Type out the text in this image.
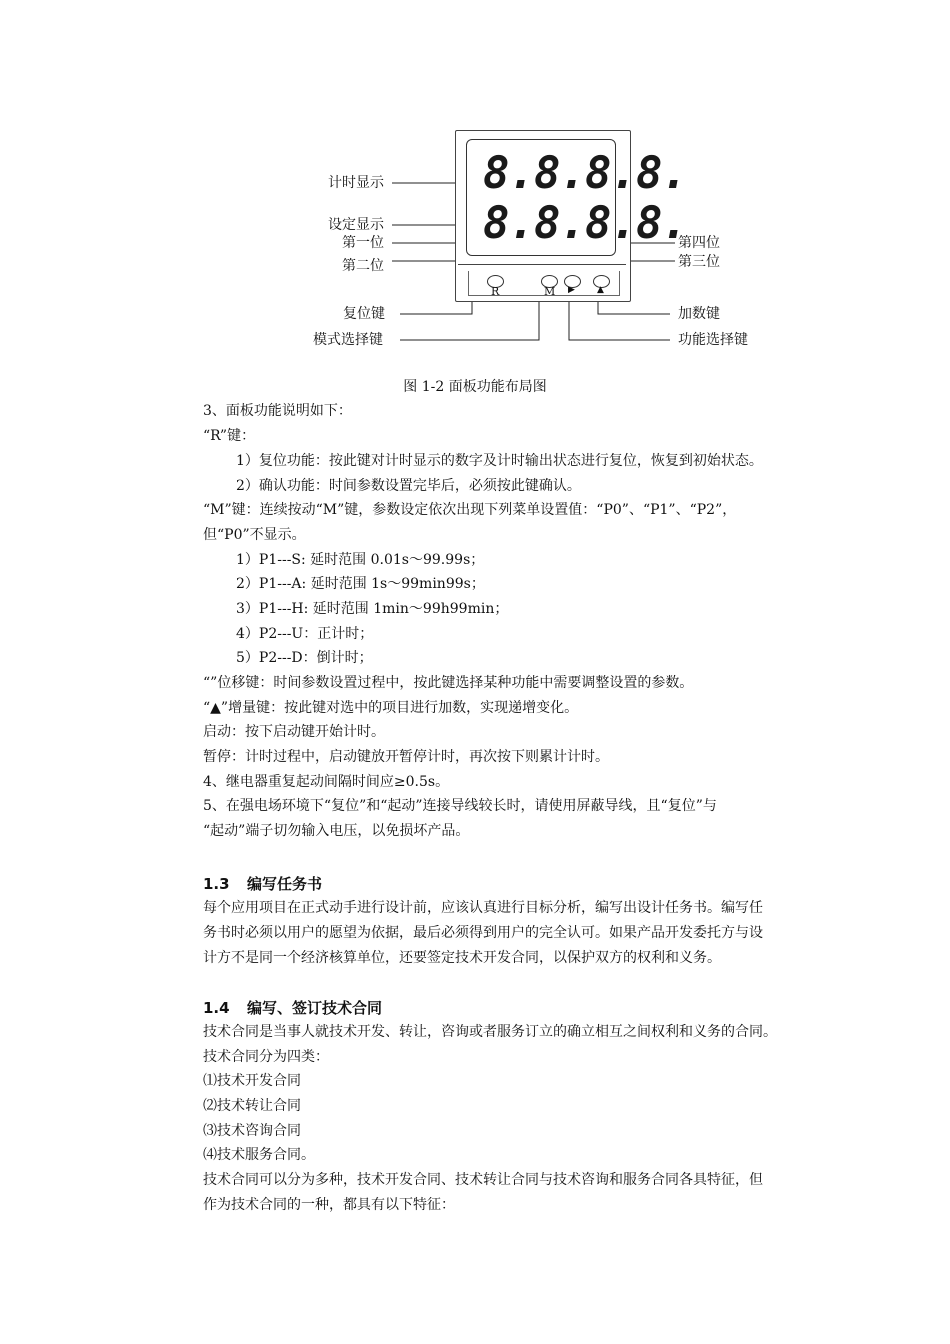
8.8.8.8.
8.8.8.8.
R	M ▶ ▲
计时显示
设定显示
第一位
第二位
第四位
第三位
复位键
模式选择键
加数键
功能选择键
图 1-2 面板功能布局图
3、面板功能说明如下：
“R”键：
1）复位功能：按此键对计时显示的数字及计时输出状态进行复位，恢复到初始状态。
2）确认功能：时间参数设置完毕后，必须按此键确认。
“M”键：连续按动“M”键，参数设定依次出现下列菜单设置值：“P0”、“P1”、“P2”，
但“P0”不显示。
1）P1---S: 延时范围 0.01s～99.99s；
2）P1---A: 延时范围 1s～99min99s；
3）P1---H: 延时范围 1min～99h99min；
4）P2---U：正计时；
5）P2---D：倒计时；
“”位移键：时间参数设置过程中，按此键选择某种功能中需要调整设置的参数。
“▲”增量键：按此键对选中的项目进行加数，实现递增变化。
启动：按下启动键开始计时。
暂停：计时过程中，启动键放开暂停计时，再次按下则累计计时。
4、继电器重复起动间隔时间应≥0.5s。
5、在强电场环境下“复位”和“起动”连接导线较长时，请使用屏蔽导线，且“复位”与
“起动”端子切勿输入电压，以免损坏产品。
1.3 编写任务书
每个应用项目在正式动手进行设计前，应该认真进行目标分析，编写出设计任务书。编写任
务书时必须以用户的愿望为依据，最后必须得到用户的完全认可。如果产品开发委托方与设
计方不是同一个经济核算单位，还要签定技术开发合同，以保护双方的权利和义务。
1.4 编写、签订技术合同
技术合同是当事人就技术开发、转让，咨询或者服务订立的确立相互之间权利和义务的合同。
技术合同分为四类：
⑴技术开发合同
⑵技术转让合同
⑶技术咨询合同
⑷技术服务合同。
技术合同可以分为多种，技术开发合同、技术转让合同与技术咨询和服务合同各具特征，但
作为技术合同的一种，都具有以下特征：
